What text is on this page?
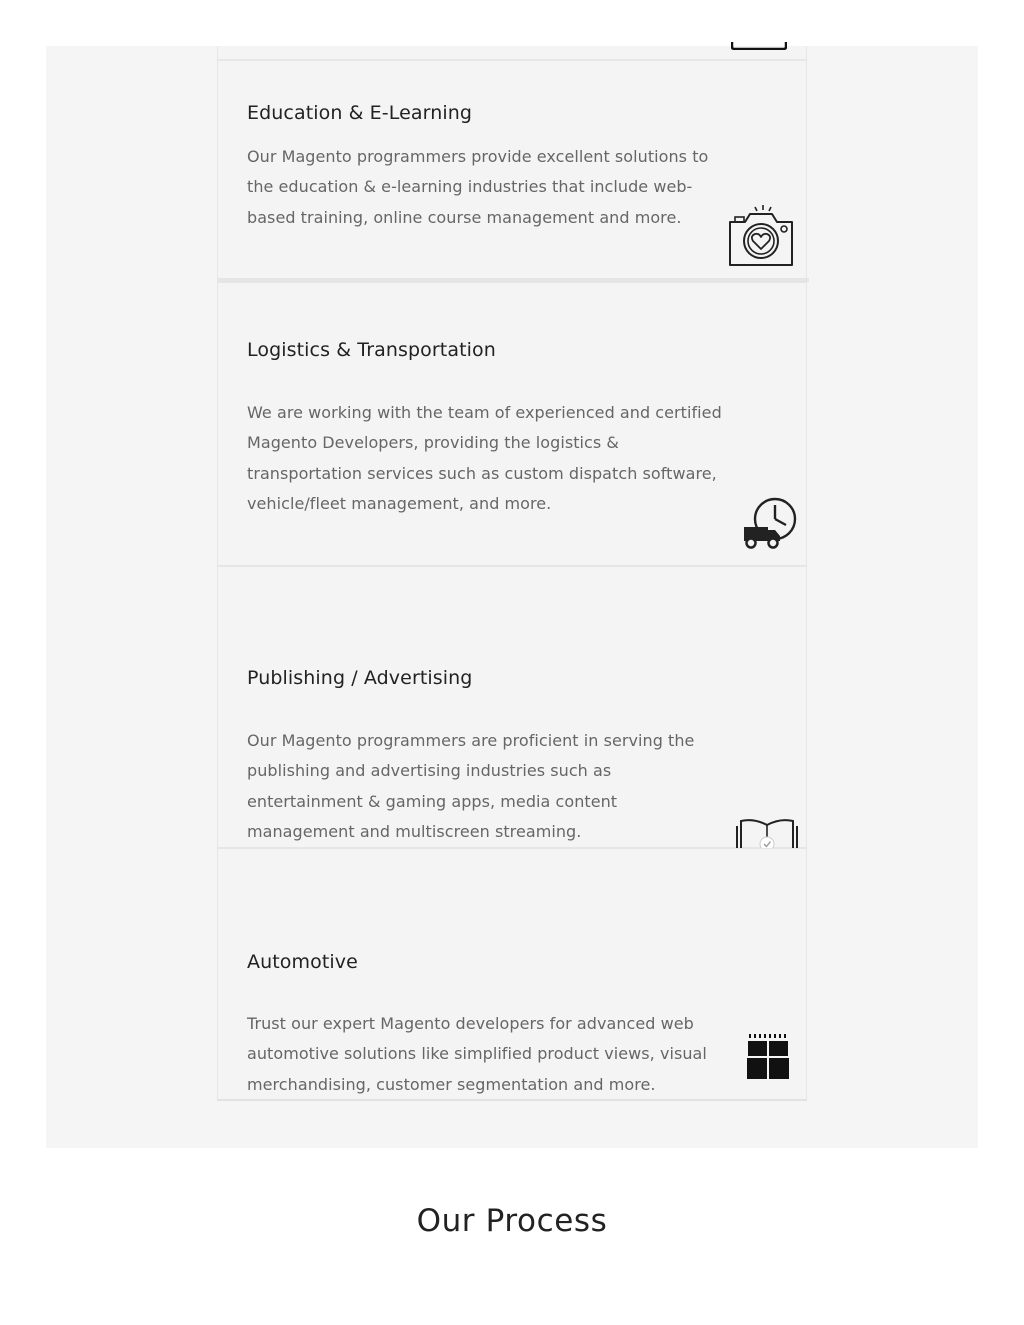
Education & E-Learning

Our Magento programmers provide excellent solutions to the education & e-learning industries that include web-based training, online course management and more.

Logistics & Transportation

We are working with the team of experienced and certified Magento Developers, providing the logistics & transportation services such as custom dispatch software, vehicle/fleet management, and more.

Publishing / Advertising

Our Magento programmers are proficient in serving the publishing and advertising industries such as entertainment & gaming apps, media content management and multiscreen streaming.

Automotive

Trust our expert Magento developers for advanced web automotive solutions like simplified product views, visual merchandising, customer segmentation and more.

Our Process
